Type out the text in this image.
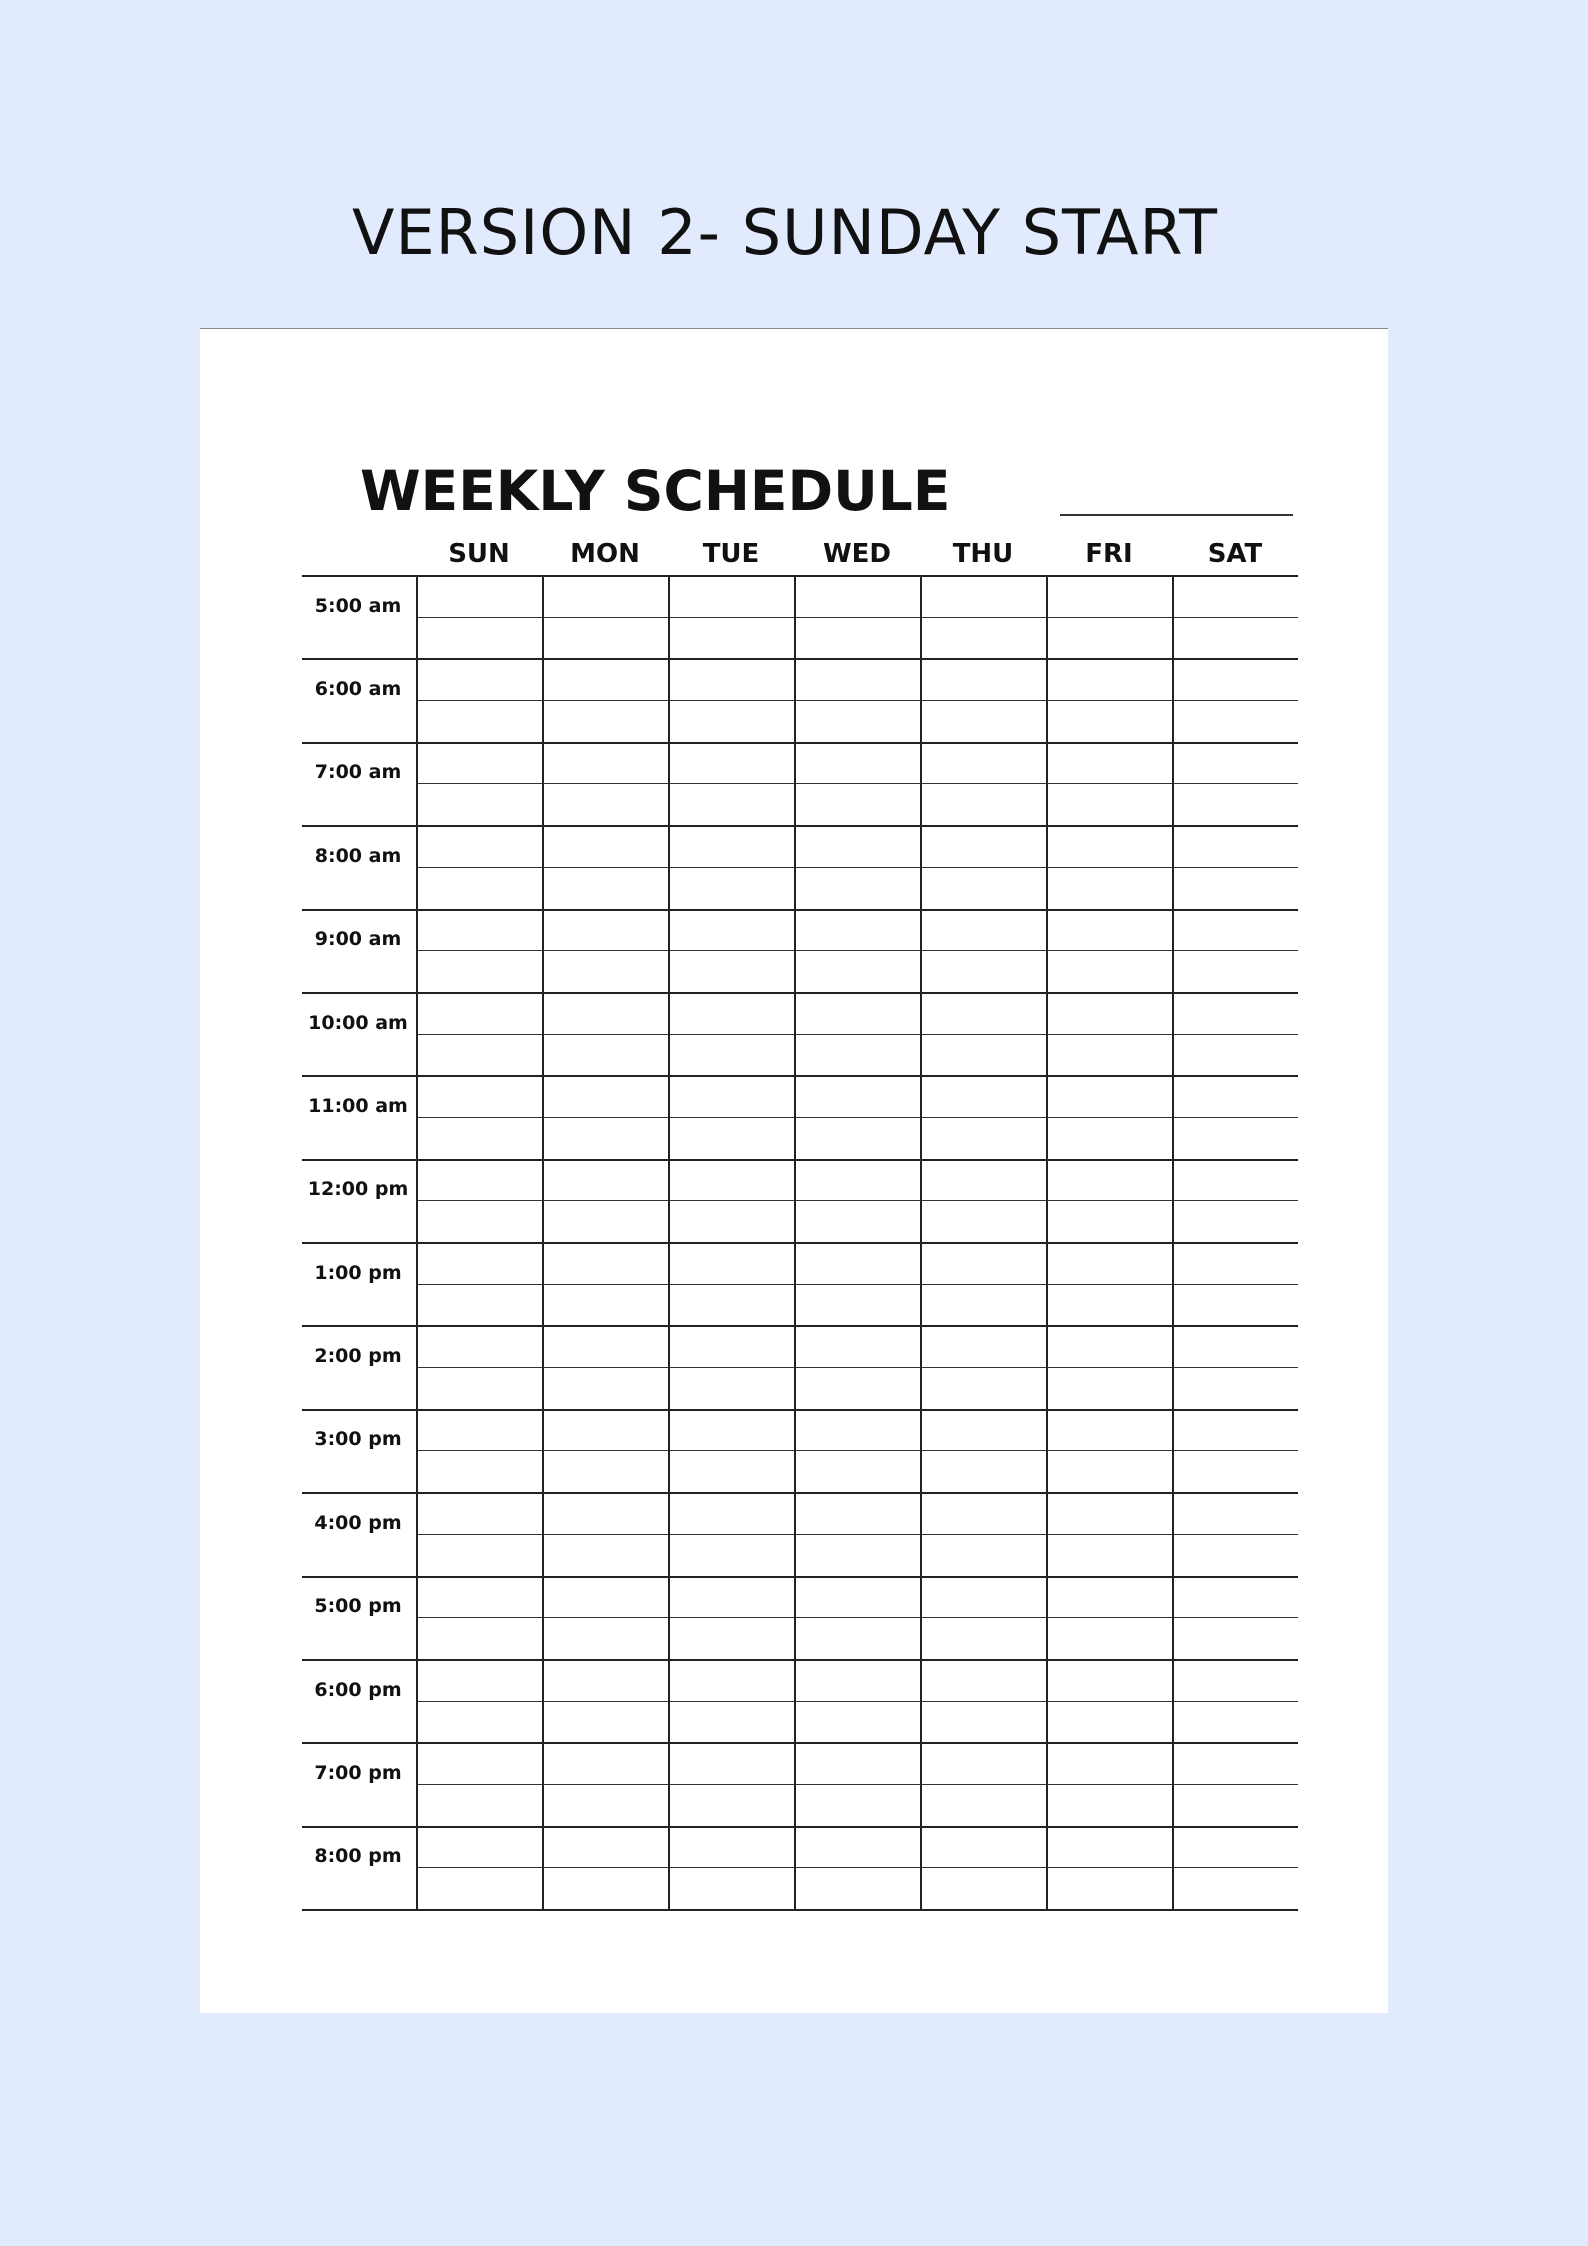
VERSION 2- SUNDAY START
WEEKLY SCHEDULE
SUN	MON	TUE	WED	THU	FRI	SAT
5:00 am
6:00 am
7:00 am
8:00 am
9:00 am
10:00 am
11:00 am
12:00 pm
1:00 pm
2:00 pm
3:00 pm
4:00 pm
5:00 pm
6:00 pm
7:00 pm
8:00 pm
